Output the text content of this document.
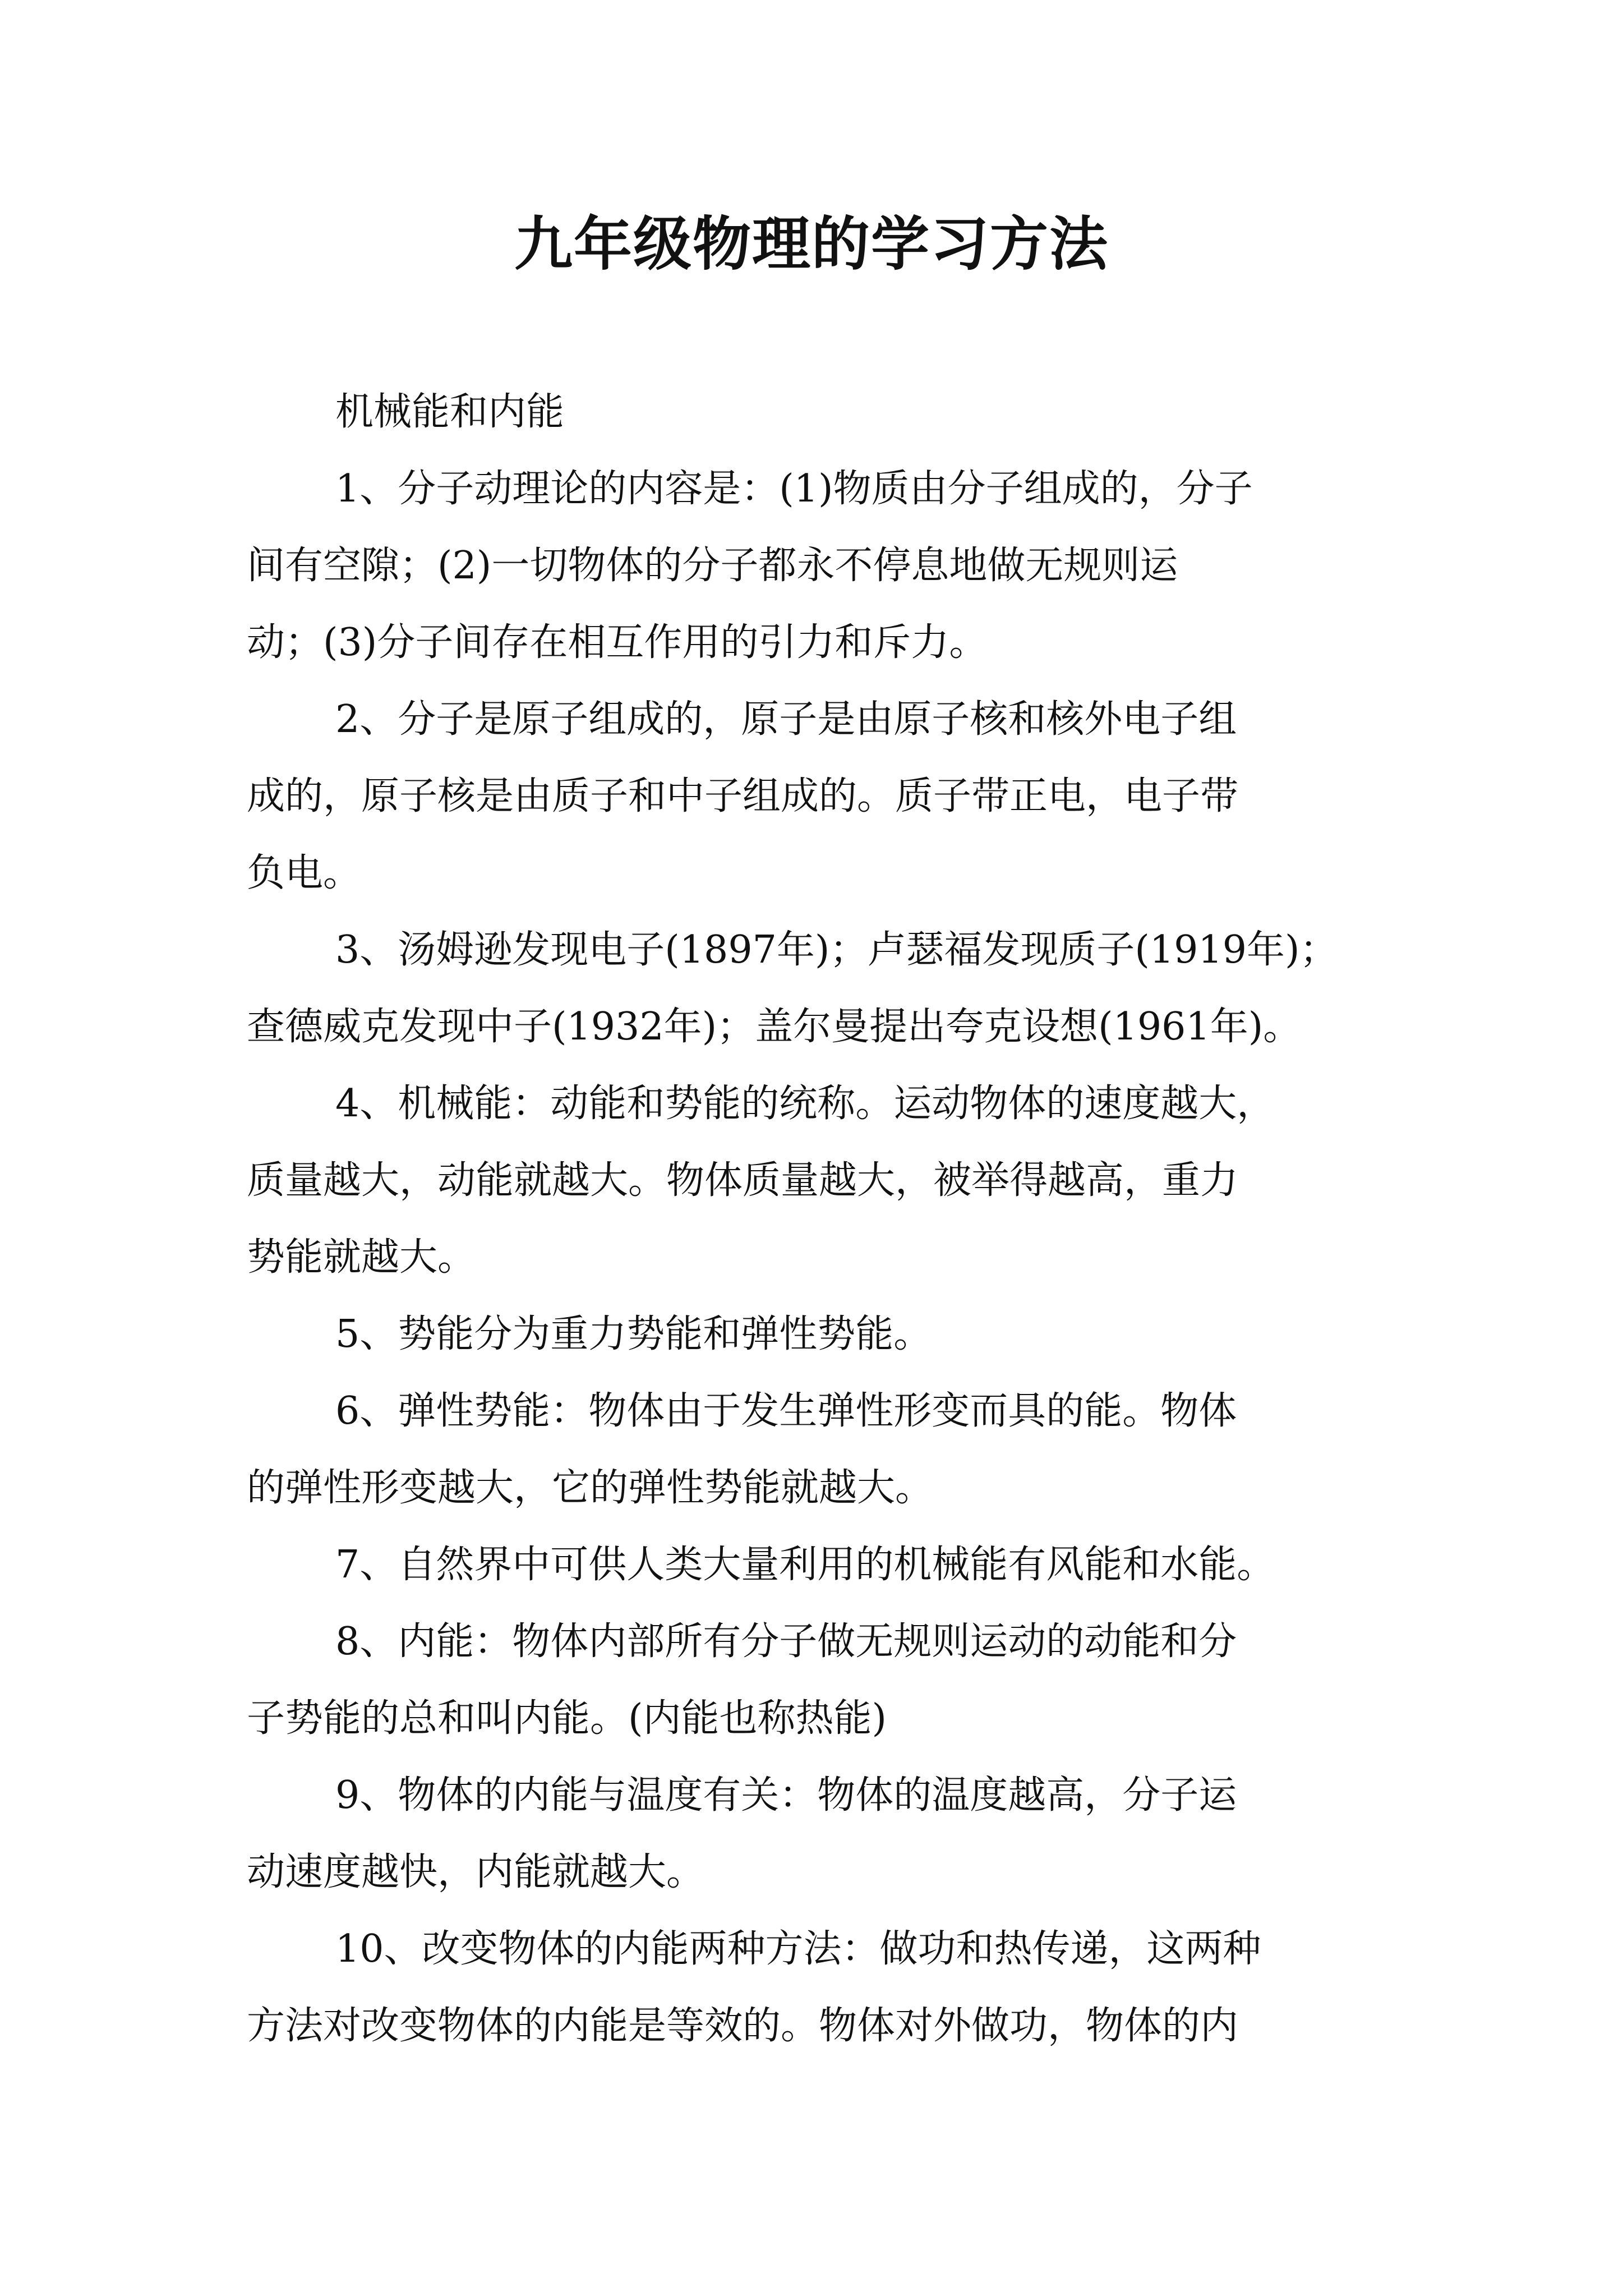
九年级物理的学习方法
机械能和内能
1、分子动理论的内容是：(1)物质由分子组成的，分子
间有空隙；(2)一切物体的分子都永不停息地做无规则运
动；(3)分子间存在相互作用的引力和斥力。
2、分子是原子组成的，原子是由原子核和核外电子组
成的，原子核是由质子和中子组成的。质子带正电，电子带
负电。
3、汤姆逊发现电子(1897年)；卢瑟福发现质子(1919年)；
查德威克发现中子(1932年)；盖尔曼提出夸克设想(1961年)。
4、机械能：动能和势能的统称。运动物体的速度越大，
质量越大，动能就越大。物体质量越大，被举得越高，重力
势能就越大。
5、势能分为重力势能和弹性势能。
6、弹性势能：物体由于发生弹性形变而具的能。物体
的弹性形变越大，它的弹性势能就越大。
7、自然界中可供人类大量利用的机械能有风能和水能。
8、内能：物体内部所有分子做无规则运动的动能和分
子势能的总和叫内能。(内能也称热能)
9、物体的内能与温度有关：物体的温度越高，分子运
动速度越快，内能就越大。
10、改变物体的内能两种方法：做功和热传递，这两种
方法对改变物体的内能是等效的。物体对外做功，物体的内
